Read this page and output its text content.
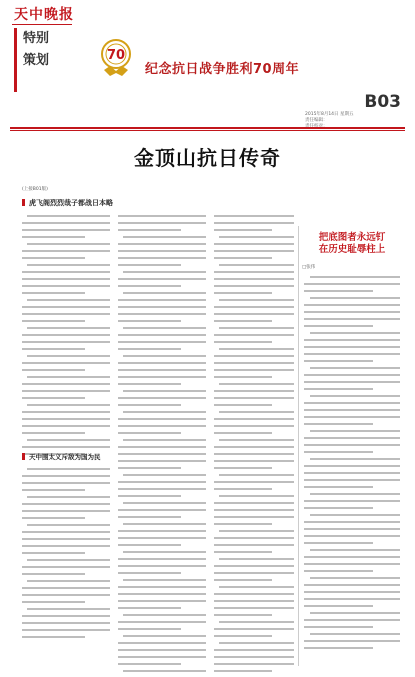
天中晚报
特别
策划	70
纪念抗日战争胜利70周年
B03
2015年8月14日 星期五
责任编辑：
金顶山抗日传奇
(上接B01版)
虎飞阁烈烈哉子都战日本略
天中围太义斥敌为国为民
把底图者永远钉
在历史耻辱柱上
□张伟
